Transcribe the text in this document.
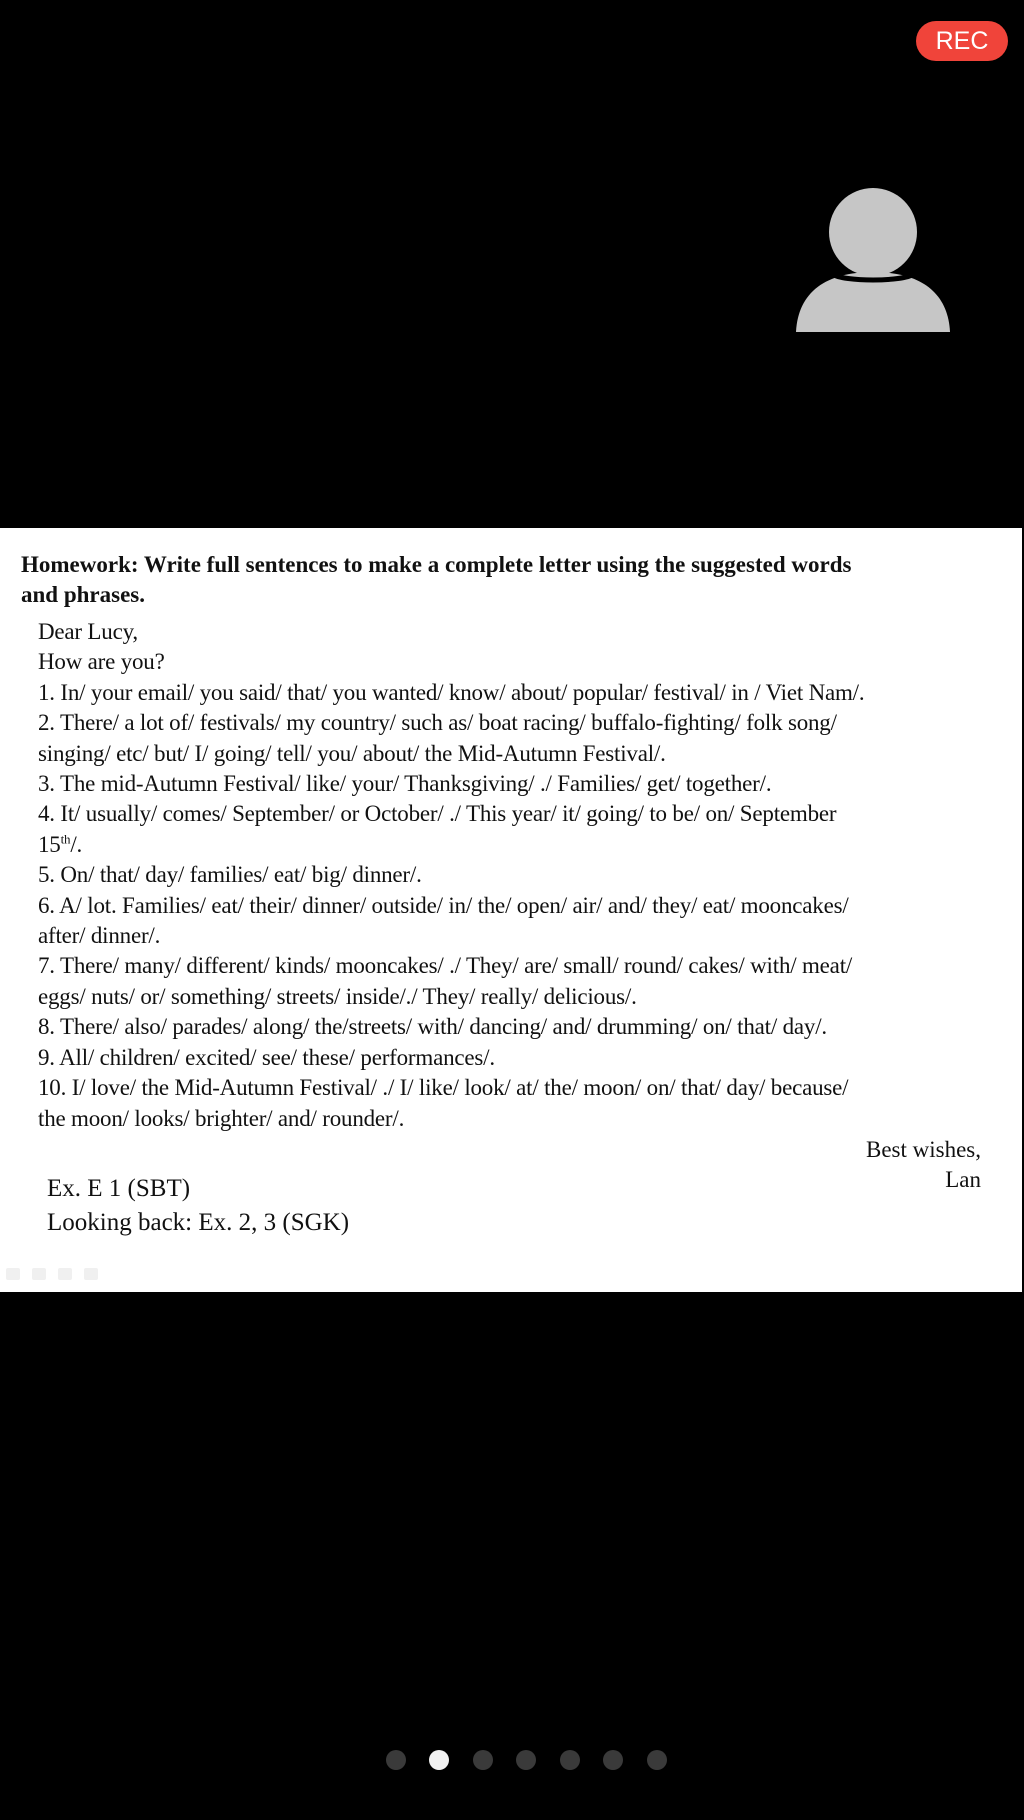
REC
Homework: Write full sentences to make a complete letter using the suggested words
and phrases.
Dear Lucy,
How are you?
1. In/ your email/ you said/ that/ you wanted/ know/ about/ popular/ festival/ in / Viet Nam/.
2. There/ a lot of/ festivals/ my country/ such as/ boat racing/ buffalo-fighting/ folk song/
singing/ etc/ but/ I/ going/ tell/ you/ about/ the Mid-Autumn Festival/.
3. The mid-Autumn Festival/ like/ your/ Thanksgiving/ ./ Families/ get/ together/.
4. It/ usually/ comes/ September/ or October/ ./ This year/ it/ going/ to be/ on/ September
15th/.
5. On/ that/ day/ families/ eat/ big/ dinner/.
6. A/ lot. Families/ eat/ their/ dinner/ outside/ in/ the/ open/ air/ and/ they/ eat/ mooncakes/
after/ dinner/.
7. There/ many/ different/ kinds/ mooncakes/ ./ They/ are/ small/ round/ cakes/ with/ meat/
eggs/ nuts/ or/ something/ streets/ inside/./ They/ really/ delicious/.
8. There/ also/ parades/ along/ the/streets/ with/ dancing/ and/ drumming/ on/ that/ day/.
9. All/ children/ excited/ see/ these/ performances/.
10. I/ love/ the Mid-Autumn Festival/ ./ I/ like/ look/ at/ the/ moon/ on/ that/ day/ because/
the moon/ looks/ brighter/ and/ rounder/.
Best wishes,
Lan
Ex. E 1 (SBT)
Looking back: Ex. 2, 3 (SGK)
